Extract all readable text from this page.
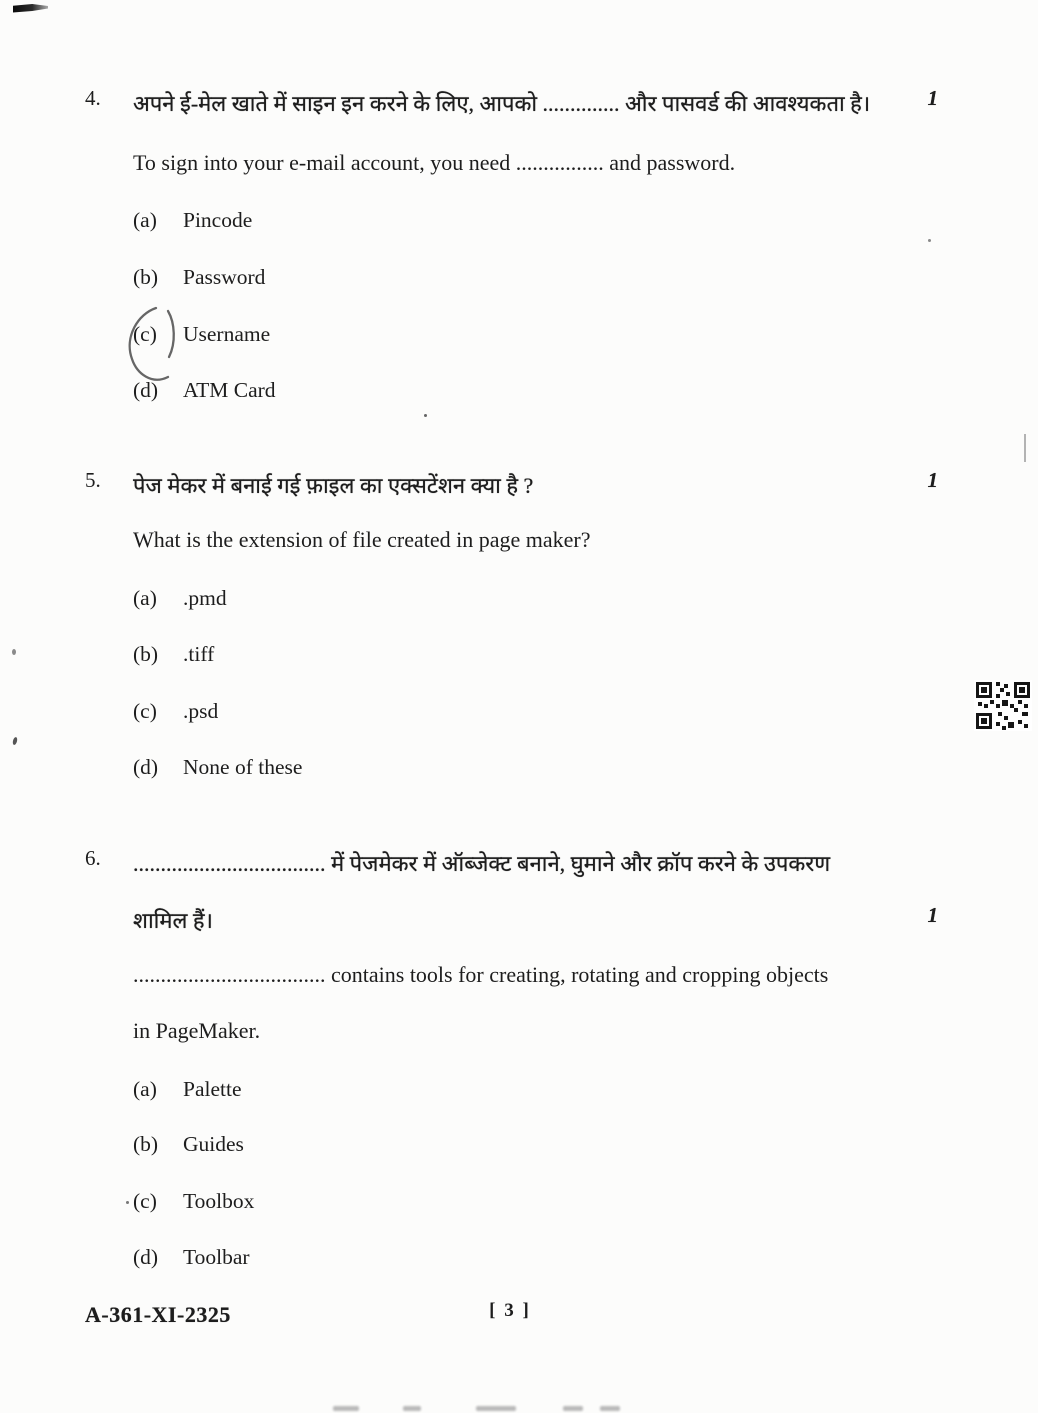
4.	अपने ई-मेल खाते में साइन इन करने के लिए, आपको .............. और पासवर्ड की आवश्यकता है।	1
To sign into your e-mail account, you need ................ and password.
(a)	Pincode
(b)	Password
(c)	Username
(d)	ATM Card
5.	पेज मेकर में बनाई गई फ़ाइल का एक्सटेंशन क्या है ?	1
What is the extension of file created in page maker?
(a)	.pmd
(b)	.tiff
(c)	.psd
(d)	None of these
6.	................................... में पेजमेकर में ऑब्जेक्ट बनाने, घुमाने और क्रॉप करने के उपकरण
शामिल हैं।	1
................................... contains tools for creating, rotating and cropping objects
in PageMaker.
(a)	Palette
(b)	Guides
(c)	Toolbox
(d)	Toolbar
A-361-XI-2325	[ 3 ]
